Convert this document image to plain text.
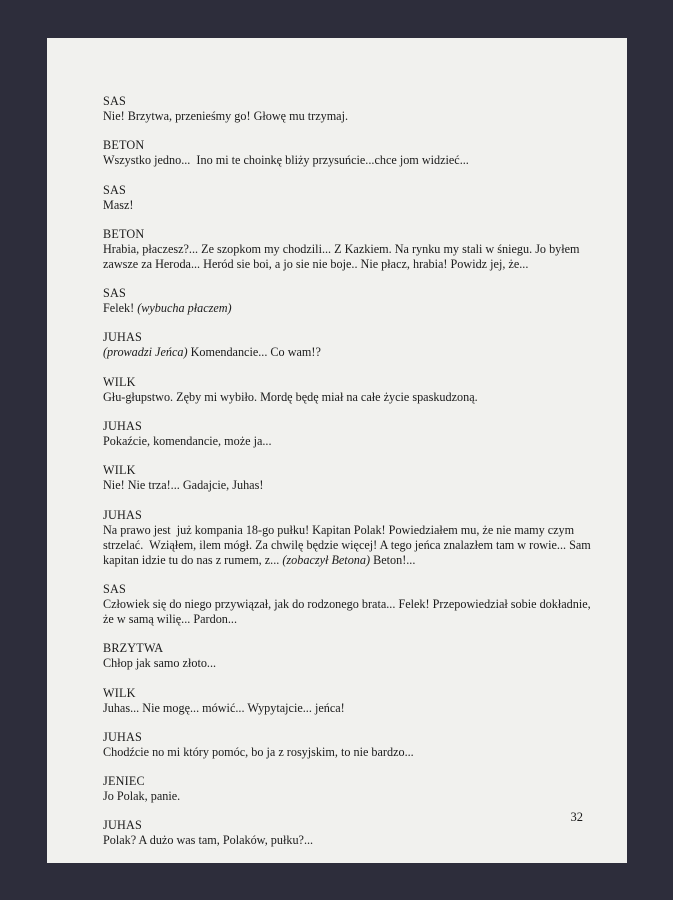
SAS
Nie! Brzytwa, przenieśmy go! Głowę mu trzymaj.
BETON
Wszystko jedno...  Ino mi te choinkę bliży przysuńcie...chce jom widzieć...
SAS
Masz!
BETON
Hrabia, płaczesz?... Ze szopkom my chodzili... Z Kazkiem. Na rynku my stali w śniegu. Jo byłem zawsze za Heroda... Heród sie boi, a jo sie nie boje.. Nie płacz, hrabia! Powidz jej, że...
SAS
Felek! (wybucha płaczem)
JUHAS
(prowadzi Jeńca) Komendancie... Co wam!?
WILK
Głu-głupstwo. Zęby mi wybiło. Mordę będę miał na całe życie spaskudzoną.
JUHAS
Pokaźcie, komendancie, może ja...
WILK
Nie! Nie trza!... Gadajcie, Juhas!
JUHAS
Na prawo jest  już kompania 18-go pułku! Kapitan Polak! Powiedziałem mu, że nie mamy czym strzelać.  Wziąłem, ilem mógł. Za chwilę będzie więcej! A tego jeńca znalazłem tam w rowie... Sam kapitan idzie tu do nas z rumem, z... (zobaczył Betona) Beton!...
SAS
Człowiek się do niego przywiązał, jak do rodzonego brata... Felek! Przepowiedział sobie dokładnie, że w samą wilię... Pardon...
BRZYTWA
Chłop jak samo złoto...
WILK
Juhas... Nie mogę... mówić... Wypytajcie... jeńca!
JUHAS
Chodźcie no mi który pomóc, bo ja z rosyjskim, to nie bardzo...
JENIEC
Jo Polak, panie.
JUHAS
Polak? A dużo was tam, Polaków, pułku?...
32
